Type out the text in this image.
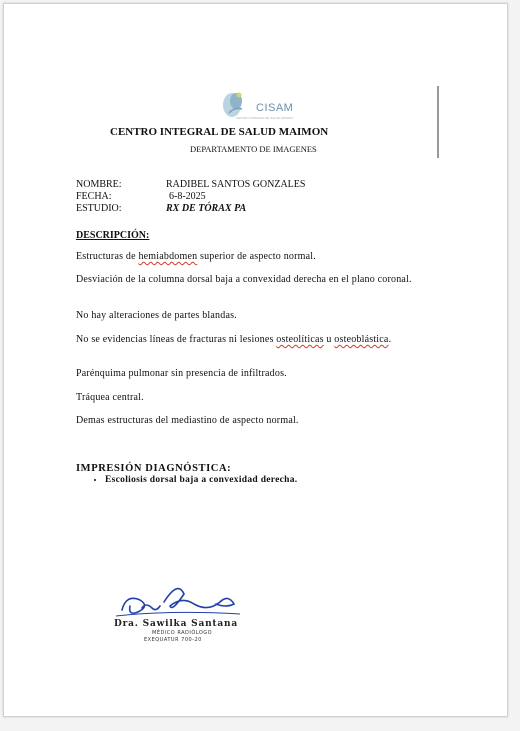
CISAM
CENTRO INTEGRAL DE SALUD MAIMON
CENTRO INTEGRAL DE SALUD MAIMON
DEPARTAMENTO DE IMAGENES
NOMBRE:	RADIBEL SANTOS GONZALES
FECHA:	6-8-2025
ESTUDIO:	RX DE TÓRAX PA
DESCRIPCIÓN:
Estructuras de hemiabdomen superior de aspecto normal.
Desviación de la columna dorsal baja a convexidad derecha en el plano coronal.
No hay alteraciones de partes blandas.
No se evidencias líneas de fracturas ni lesiones osteolíticas u osteoblástica.
Parénquima pulmonar sin presencia de infiltrados.
Tráquea central.
Demas estructuras del mediastino de aspecto normal.
IMPRESIÓN DIAGNÓSTICA:
• Escoliosis dorsal baja a convexidad derecha.
Dra. Sawilka Santana
MÉDICO RADIÓLOGO
EXEQUATUR 700-20
